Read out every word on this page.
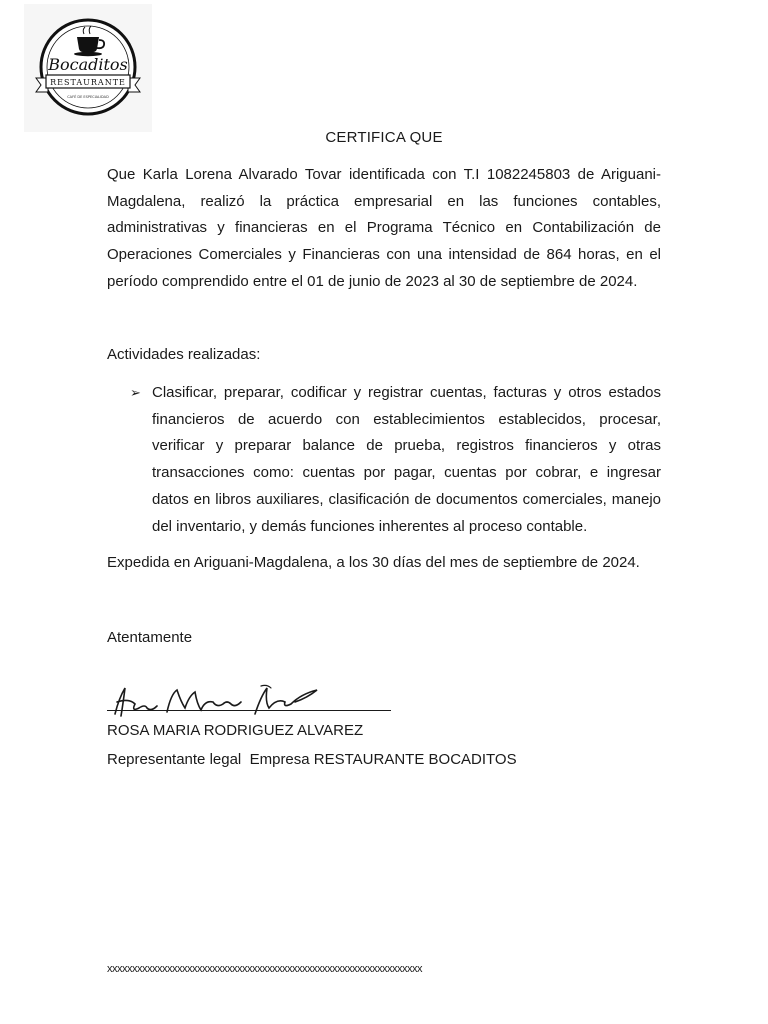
Bocaditos
RESTAURANTE
CAFÉ DE ESPECIALIDAD
CERTIFICA QUE
Que Karla Lorena Alvarado Tovar identificada con T.I 1082245803 de Ariguani-Magdalena, realizó la práctica empresarial en las funciones contables, administrativas y financieras en el Programa Técnico en Contabilización de Operaciones Comerciales y Financieras con una intensidad de 864 horas, en el período comprendido entre el 01 de junio de 2023 al 30 de septiembre de 2024.
Actividades realizadas:
➢ Clasificar, preparar, codificar y registrar cuentas, facturas y otros estados financieros de acuerdo con establecimientos establecidos, procesar, verificar y preparar balance de prueba, registros financieros y otras transacciones como: cuentas por pagar, cuentas por cobrar, e ingresar datos en libros auxiliares, clasificación de documentos comerciales, manejo del inventario, y demás funciones inherentes al proceso contable.
Expedida en Ariguani-Magdalena, a los 30 días del mes de septiembre de 2024.
Atentamente
ROSA MARIA RODRIGUEZ ALVAREZ
Representante legal  Empresa RESTAURANTE BOCADITOS
xxxxxxxxxxxxxxxxxxxxxxxxxxxxxxxxxxxxxxxxxxxxxxxxxxxxxxxxxxxxxxx
